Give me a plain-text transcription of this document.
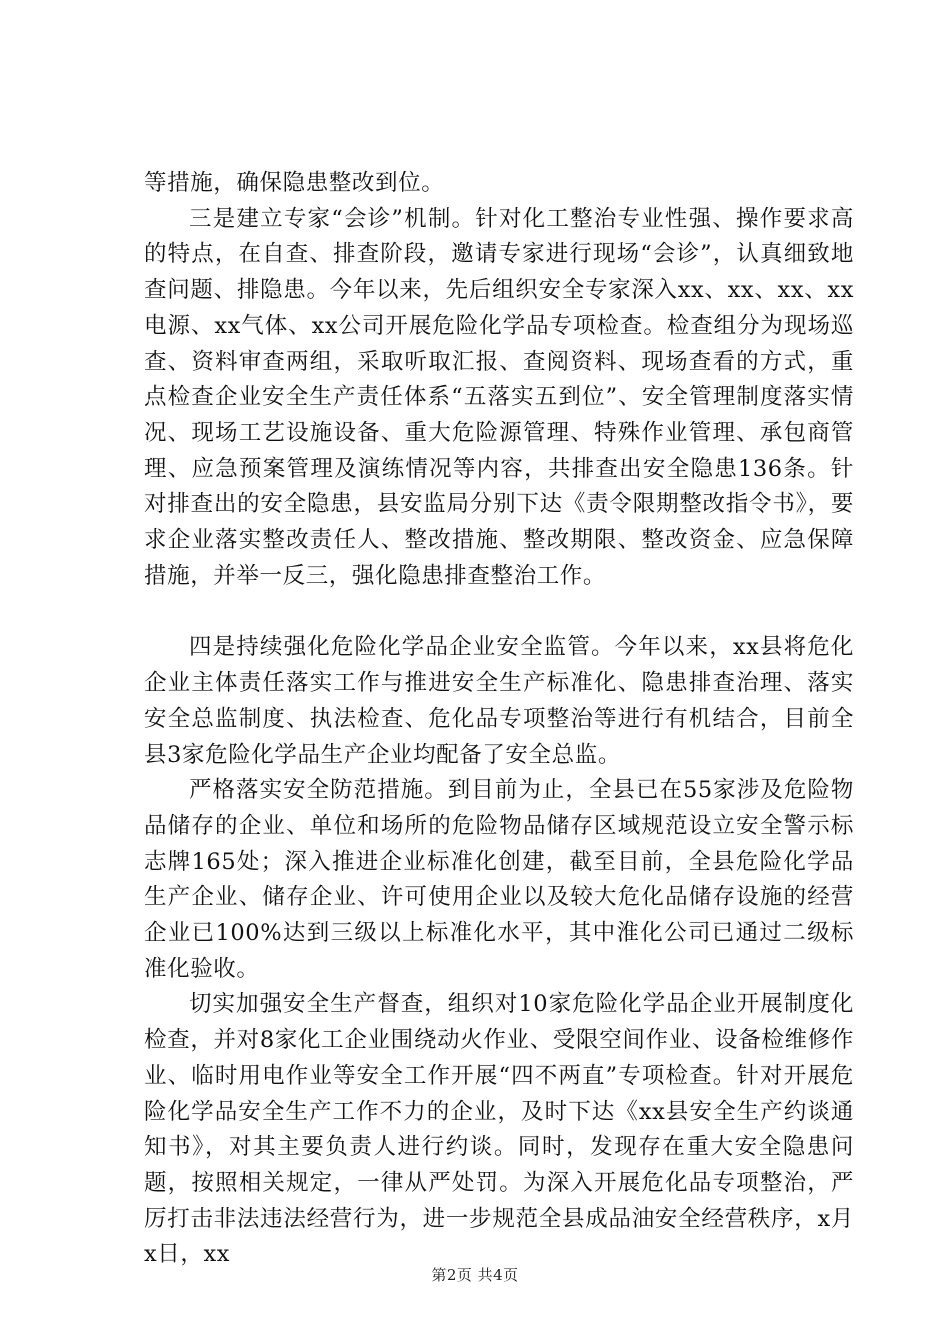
等措施，确保隐患整改到位。

三是建立专家“会诊”机制。针对化工整治专业性强、操作要求高的特点，在自查、排查阶段，邀请专家进行现场“会诊”，认真细致地查问题、排隐患。今年以来，先后组织安全专家深入xx、xx、xx、xx电源、xx气体、xx公司开展危险化学品专项检查。检查组分为现场巡查、资料审查两组，采取听取汇报、查阅资料、现场查看的方式，重点检查企业安全生产责任体系“五落实五到位”、安全管理制度落实情况、现场工艺设施设备、重大危险源管理、特殊作业管理、承包商管理、应急预案管理及演练情况等内容，共排查出安全隐患136条。针对排查出的安全隐患，县安监局分别下达《责令限期整改指令书》，要求企业落实整改责任人、整改措施、整改期限、整改资金、应急保障措施，并举一反三，强化隐患排查整治工作。

四是持续强化危险化学品企业安全监管。今年以来，xx县将危化企业主体责任落实工作与推进安全生产标准化、隐患排查治理、落实安全总监制度、执法检查、危化品专项整治等进行有机结合，目前全县3家危险化学品生产企业均配备了安全总监。

严格落实安全防范措施。到目前为止，全县已在55家涉及危险物品储存的企业、单位和场所的危险物品储存区域规范设立安全警示标志牌165处；深入推进企业标准化创建，截至目前，全县危险化学品生产企业、储存企业、许可使用企业以及较大危化品储存设施的经营企业已100%达到三级以上标准化水平，其中淮化公司已通过二级标准化验收。

切实加强安全生产督查，组织对10家危险化学品企业开展制度化检查，并对8家化工企业围绕动火作业、受限空间作业、设备检维修作业、临时用电作业等安全工作开展“四不两直”专项检查。针对开展危险化学品安全生产工作不力的企业，及时下达《xx县安全生产约谈通知书》，对其主要负责人进行约谈。同时，发现存在重大安全隐患问题，按照相关规定，一律从严处罚。为深入开展危化品专项整治，严厉打击非法违法经营行为，进一步规范全县成品油安全经营秩序，x月x日，xx

第2页 共4页
